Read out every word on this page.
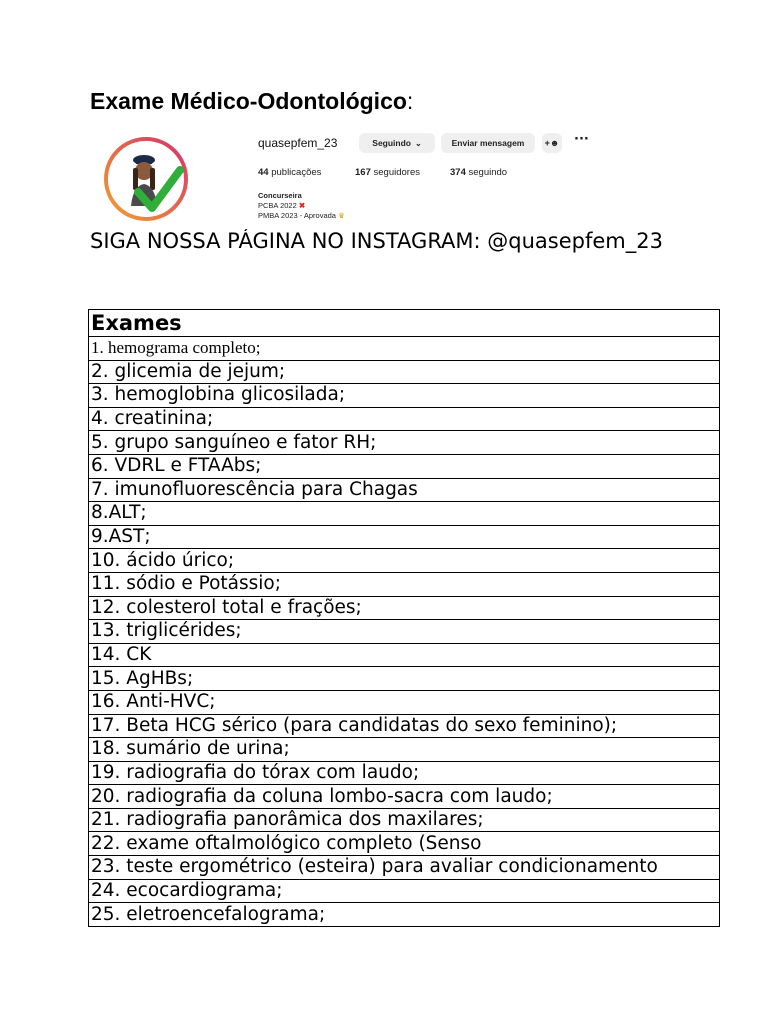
Exame Médico-Odontológico:
quasepfem_23	Seguindo ⌄	Enviar mensagem	+☻ ···
44 publicações	167 seguidores	374 seguindo
Concurseira
PCBA 2022 ✖
PMBA 2023 - Aprovada ♛
SIGA NOSSA PÁGINA NO INSTAGRAM: @quasepfem_23
Exames
1. hemograma completo;
2. glicemia de jejum;
3. hemoglobina glicosilada;
4. creatinina;
5. grupo sanguíneo e fator RH;
6. VDRL e FTAAbs;
7. imunofluorescência para Chagas
8.ALT;
9.AST;
10. ácido úrico;
11. sódio e Potássio;
12. colesterol total e frações;
13. triglicérides;
14. CK
15. AgHBs;
16. Anti-HVC;
17. Beta HCG sérico (para candidatas do sexo feminino);
18. sumário de urina;
19. radiografia do tórax com laudo;
20. radiografia da coluna lombo-sacra com laudo;
21. radiografia panorâmica dos maxilares;
22. exame oftalmológico completo (Senso
23. teste ergométrico (esteira) para avaliar condicionamento
24. ecocardiograma;
25. eletroencefalograma;
